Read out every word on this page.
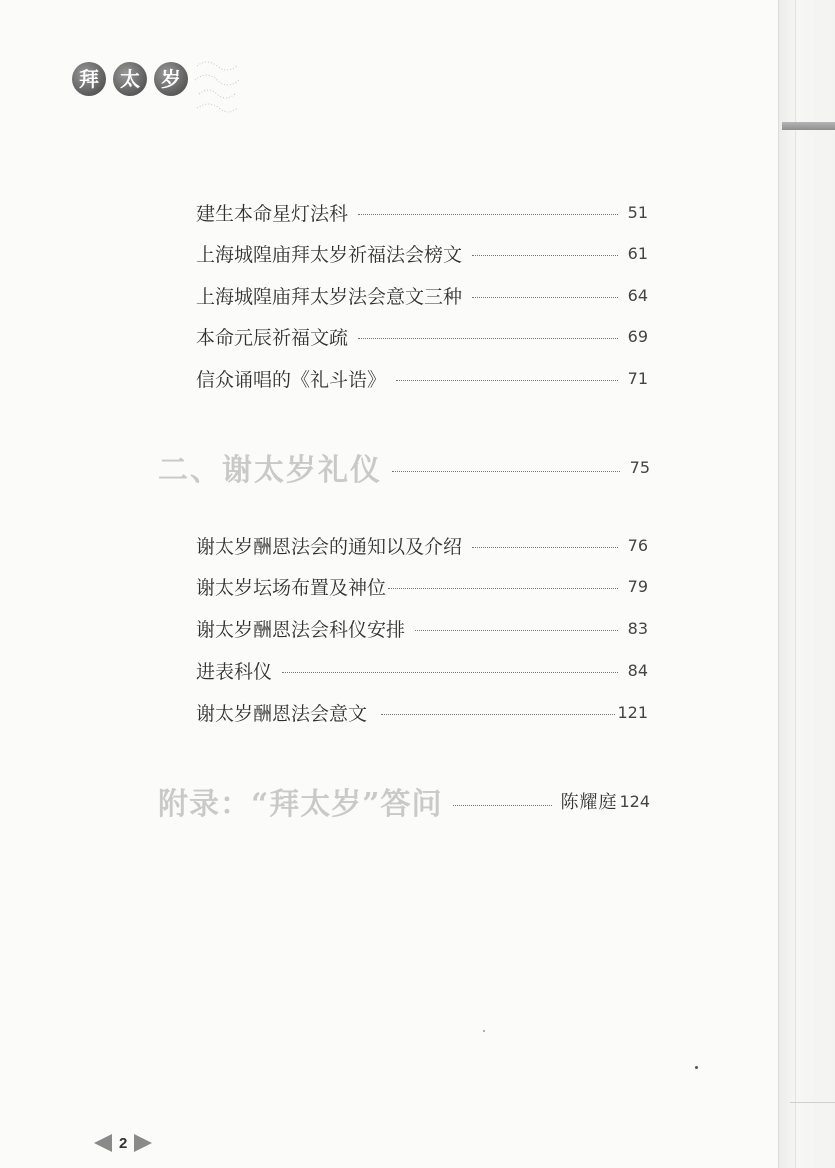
拜	太	岁
建生本命星灯法科	51
上海城隍庙拜太岁祈福法会榜文	61
上海城隍庙拜太岁法会意文三种	64
本命元辰祈福文疏	69
信众诵唱的《礼斗诰》	71
二、谢太岁礼仪	75
谢太岁酬恩法会的通知以及介绍	76
谢太岁坛场布置及神位	79
谢太岁酬恩法会科仪安排	83
进表科仪	84
谢太岁酬恩法会意文	121
附录：“拜太岁”答问	陈耀庭 124
2
